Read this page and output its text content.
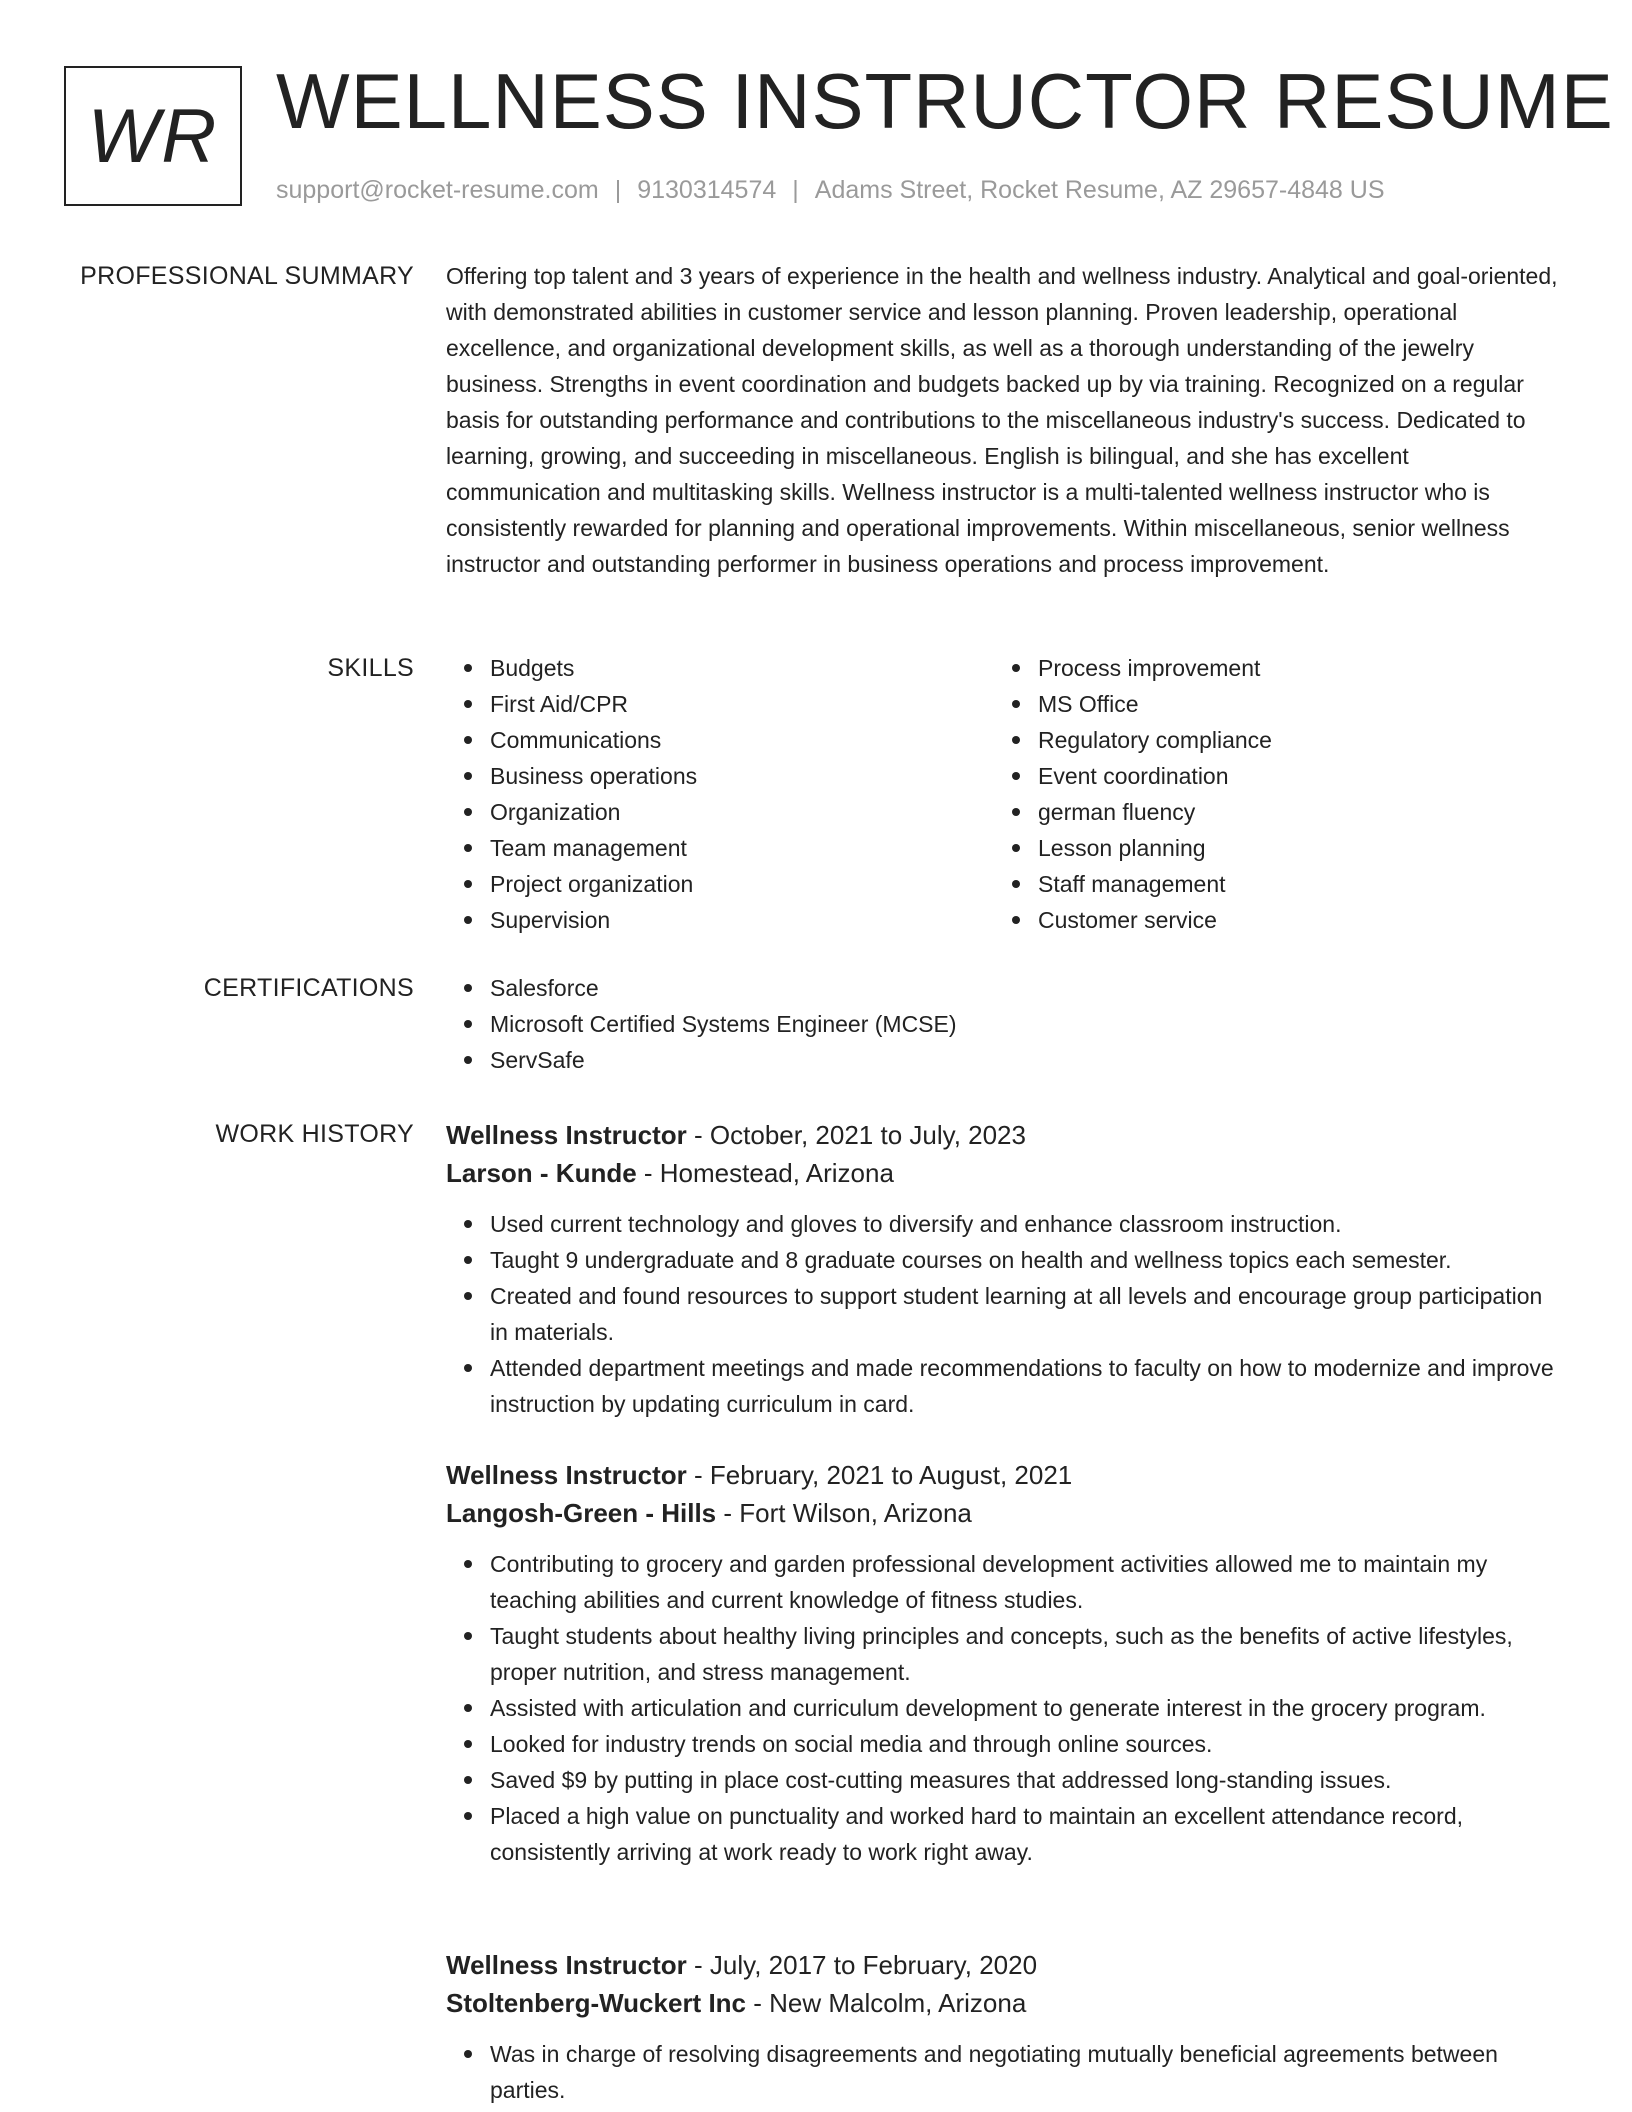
WR WELLNESS INSTRUCTOR RESUME
support@rocket-resume.com | 9130314574 | Adams Street, Rocket Resume, AZ 29657-4848 US
PROFESSIONAL SUMMARY Offering top talent and 3 years of experience in the health and wellness industry. Analytical and goal-oriented, with demonstrated abilities in customer service and lesson planning. Proven leadership, operational excellence, and organizational development skills, as well as a thorough understanding of the jewelry business. Strengths in event coordination and budgets backed up by via training. Recognized on a regular basis for outstanding performance and contributions to the miscellaneous industry's success. Dedicated to learning, growing, and succeeding in miscellaneous. English is bilingual, and she has excellent communication and multitasking skills. Wellness instructor is a multi-talented wellness instructor who is consistently rewarded for planning and operational improvements. Within miscellaneous, senior wellness instructor and outstanding performer in business operations and process improvement.

SKILLS	Budgets
First Aid/CPR
Communications
Business operations
Organization
Team management
Project organization
Supervision
Process improvement
MS Office
Regulatory compliance
Event coordination
german fluency
Lesson planning
Staff management
Customer service
CERTIFICATIONS	Salesforce
Microsoft Certified Systems Engineer (MCSE)
ServSafe
WORK HISTORY Wellness Instructor - October, 2021 to July, 2023
Larson - Kunde - Homestead, Arizona
Used current technology and gloves to diversify and enhance classroom instruction.
Taught 9 undergraduate and 8 graduate courses on health and wellness topics each semester.
Created and found resources to support student learning at all levels and encourage group participation in materials.
Attended department meetings and made recommendations to faculty on how to modernize and improve instruction by updating curriculum in card.
Wellness Instructor - February, 2021 to August, 2021
Langosh-Green - Hills - Fort Wilson, Arizona
Contributing to grocery and garden professional development activities allowed me to maintain my teaching abilities and current knowledge of fitness studies.
Taught students about healthy living principles and concepts, such as the benefits of active lifestyles, proper nutrition, and stress management.
Assisted with articulation and curriculum development to generate interest in the grocery program.
Looked for industry trends on social media and through online sources.
Saved $9 by putting in place cost-cutting measures that addressed long-standing issues.
Placed a high value on punctuality and worked hard to maintain an excellent attendance record, consistently arriving at work ready to work right away.
Wellness Instructor - July, 2017 to February, 2020
Stoltenberg-Wuckert Inc - New Malcolm, Arizona
Was in charge of resolving disagreements and negotiating mutually beneficial agreements between parties.
